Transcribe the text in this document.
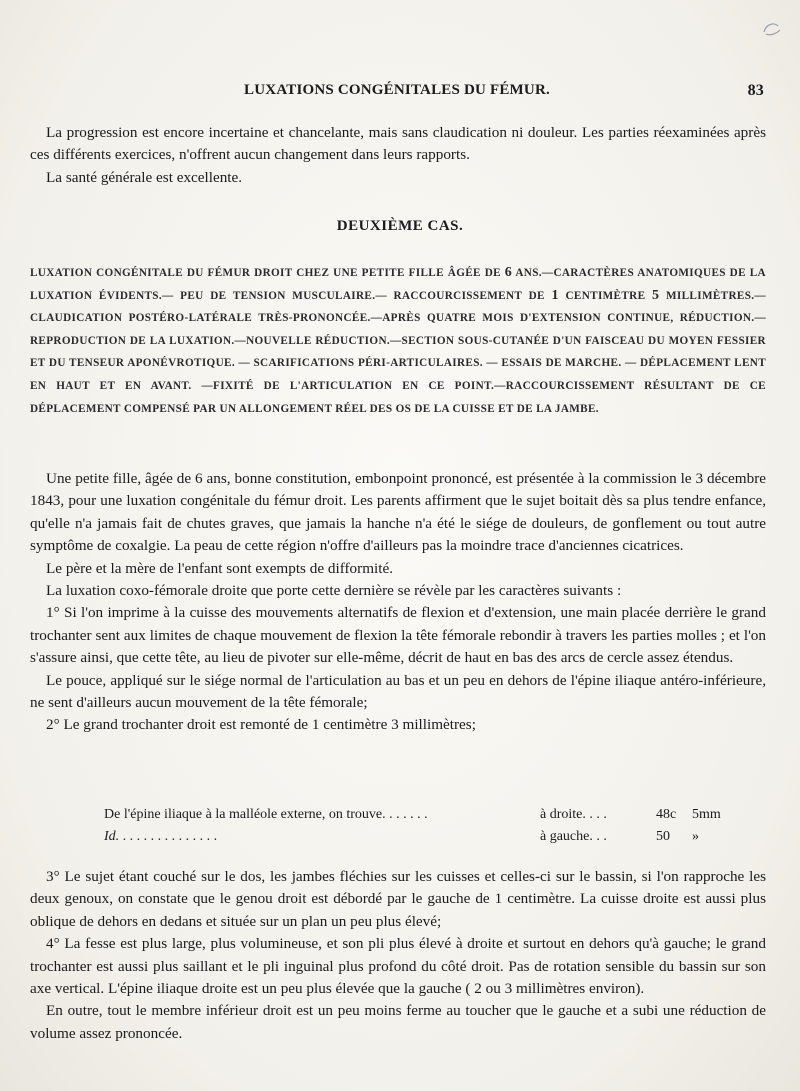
LUXATIONS CONGÉNITALES DU FÉMUR.	83

La progression est encore incertaine et chancelante, mais sans claudication ni douleur. Les parties réexaminées après ces différents exercices, n'offrent aucun changement dans leurs rapports.

La santé générale est excellente.

DEUXIÈME CAS.
LUXATION CONGÉNITALE DU FÉMUR DROIT CHEZ UNE PETITE FILLE ÂGÉE DE 6 ANS.—CARACTÈRES ANATOMIQUES DE LA LUXATION ÉVIDENTS.— PEU DE TENSION MUSCULAIRE.— RACCOURCISSEMENT DE 1 CENTIMÈTRE 5 MILLIMÈTRES.—CLAUDICATION POSTÉRO-LATÉRALE TRÈS-PRONONCÉE.—APRÈS QUATRE MOIS D'EXTENSION CONTINUE, RÉDUCTION.—REPRODUCTION DE LA LUXATION.—NOUVELLE RÉDUCTION.—SECTION SOUS-CUTANÉE D'UN FAISCEAU DU MOYEN FESSIER ET DU TENSEUR APONÉVROTIQUE. — SCARIFICATIONS PÉRI-ARTICULAIRES. — ESSAIS DE MARCHE. — DÉPLACEMENT LENT EN HAUT ET EN AVANT. —FIXITÉ DE L'ARTICULATION EN CE POINT.—RACCOURCISSEMENT RÉSULTANT DE CE DÉPLACEMENT COMPENSÉ PAR UN ALLONGEMENT RÉEL DES OS DE LA CUISSE ET DE LA JAMBE.

Une petite fille, âgée de 6 ans, bonne constitution, embonpoint prononcé, est présentée à la commission le 3 décembre 1843, pour une luxation congénitale du fémur droit. Les parents affirment que le sujet boitait dès sa plus tendre enfance, qu'elle n'a jamais fait de chutes graves, que jamais la hanche n'a été le siége de douleurs, de gonflement ou tout autre symptôme de coxalgie. La peau de cette région n'offre d'ailleurs pas la moindre trace d'anciennes cicatrices.

Le père et la mère de l'enfant sont exempts de difformité.

La luxation coxo-fémorale droite que porte cette dernière se révèle par les caractères suivants :

1° Si l'on imprime à la cuisse des mouvements alternatifs de flexion et d'extension, une main placée derrière le grand trochanter sent aux limites de chaque mouvement de flexion la tête fémorale rebondir à travers les parties molles ; et l'on s'assure ainsi, que cette tête, au lieu de pivoter sur elle-même, décrit de haut en bas des arcs de cercle assez étendus.

Le pouce, appliqué sur le siége normal de l'articulation au bas et un peu en dehors de l'épine iliaque antéro-inférieure, ne sent d'ailleurs aucun mouvement de la tête fémorale;

2° Le grand trochanter droit est remonté de 1 centimètre 3 millimètres;

De l'épine iliaque à la malléole externe, on trouve. . . . . . .	à droite. . . .	48c 5mm
Id. . . . . . . . . . . . . . .	à gauche. . .	50 »

3° Le sujet étant couché sur le dos, les jambes fléchies sur les cuisses et celles-ci sur le bassin, si l'on rapproche les deux genoux, on constate que le genou droit est débordé par le gauche de 1 centimètre. La cuisse droite est aussi plus oblique de dehors en dedans et située sur un plan un peu plus élevé;

4° La fesse est plus large, plus volumineuse, et son pli plus élevé à droite et surtout en dehors qu'à gauche; le grand trochanter est aussi plus saillant et le pli inguinal plus profond du côté droit. Pas de rotation sensible du bassin sur son axe vertical. L'épine iliaque droite est un peu plus élevée que la gauche ( 2 ou 3 millimètres environ).

En outre, tout le membre inférieur droit est un peu moins ferme au toucher que le gauche et a subi une réduction de volume assez prononcée.
